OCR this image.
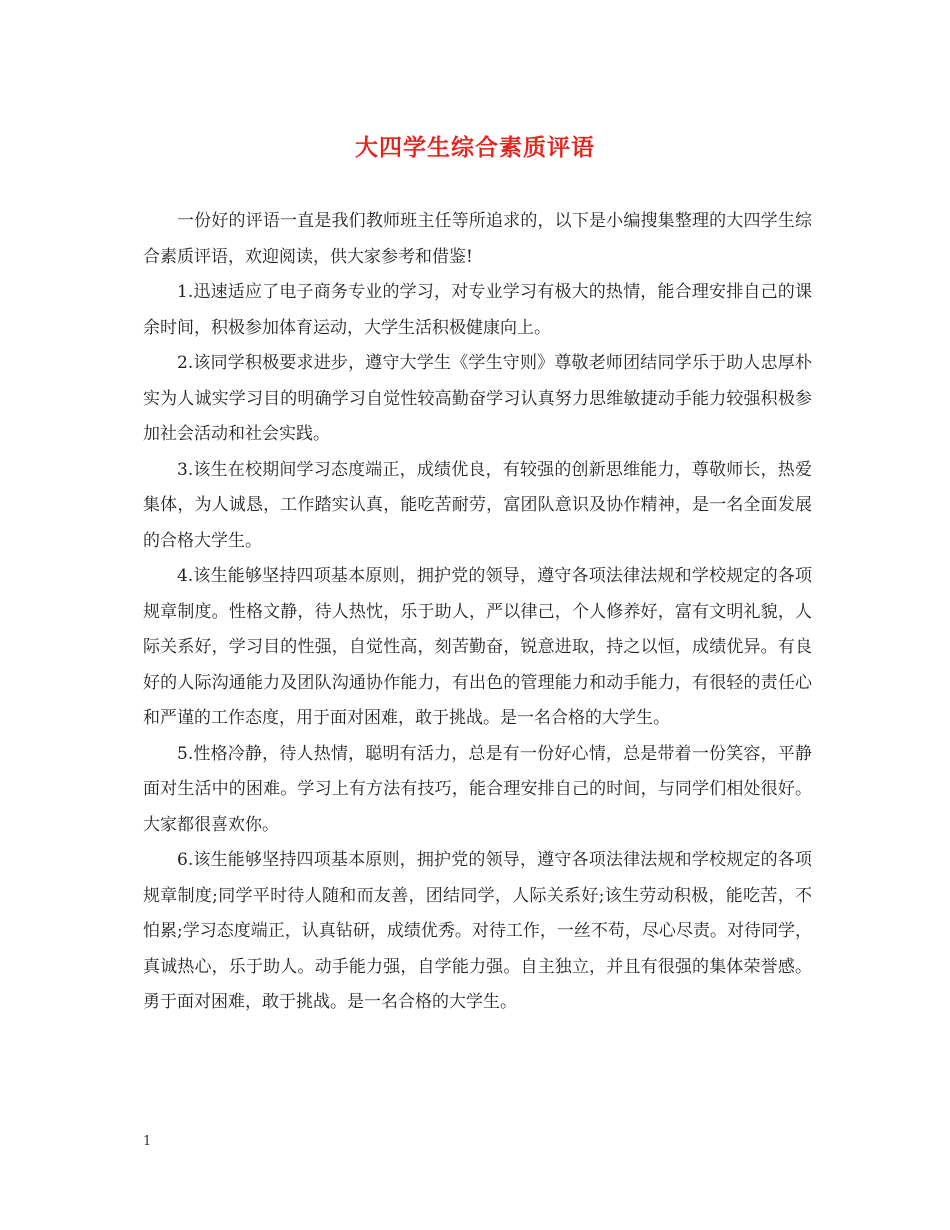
大四学生综合素质评语

一份好的评语一直是我们教师班主任等所追求的，以下是小编搜集整理的大四学生综合素质评语，欢迎阅读，供大家参考和借鉴!

1.迅速适应了电子商务专业的学习，对专业学习有极大的热情，能合理安排自己的课余时间，积极参加体育运动，大学生活积极健康向上。

2.该同学积极要求进步，遵守大学生《学生守则》尊敬老师团结同学乐于助人忠厚朴实为人诚实学习目的明确学习自觉性较高勤奋学习认真努力思维敏捷动手能力较强积极参加社会活动和社会实践。

3.该生在校期间学习态度端正，成绩优良，有较强的创新思维能力，尊敬师长，热爱集体，为人诚恳，工作踏实认真，能吃苦耐劳，富团队意识及协作精神，是一名全面发展的合格大学生。

4.该生能够坚持四项基本原则，拥护党的领导，遵守各项法律法规和学校规定的各项规章制度。性格文静，待人热忱，乐于助人，严以律己，个人修养好，富有文明礼貌，人际关系好，学习目的性强，自觉性高，刻苦勤奋，锐意进取，持之以恒，成绩优异。有良好的人际沟通能力及团队沟通协作能力，有出色的管理能力和动手能力，有很轻的责任心和严谨的工作态度，用于面对困难，敢于挑战。是一名合格的大学生。

5.性格冷静，待人热情，聪明有活力，总是有一份好心情，总是带着一份笑容，平静面对生活中的困难。学习上有方法有技巧，能合理安排自己的时间，与同学们相处很好。大家都很喜欢你。

6.该生能够坚持四项基本原则，拥护党的领导，遵守各项法律法规和学校规定的各项规章制度;同学平时待人随和而友善，团结同学，人际关系好;该生劳动积极，能吃苦，不怕累;学习态度端正，认真钻研，成绩优秀。对待工作，一丝不苟，尽心尽责。对待同学，真诚热心，乐于助人。动手能力强，自学能力强。自主独立，并且有很强的集体荣誉感。勇于面对困难，敢于挑战。是一名合格的大学生。

1
